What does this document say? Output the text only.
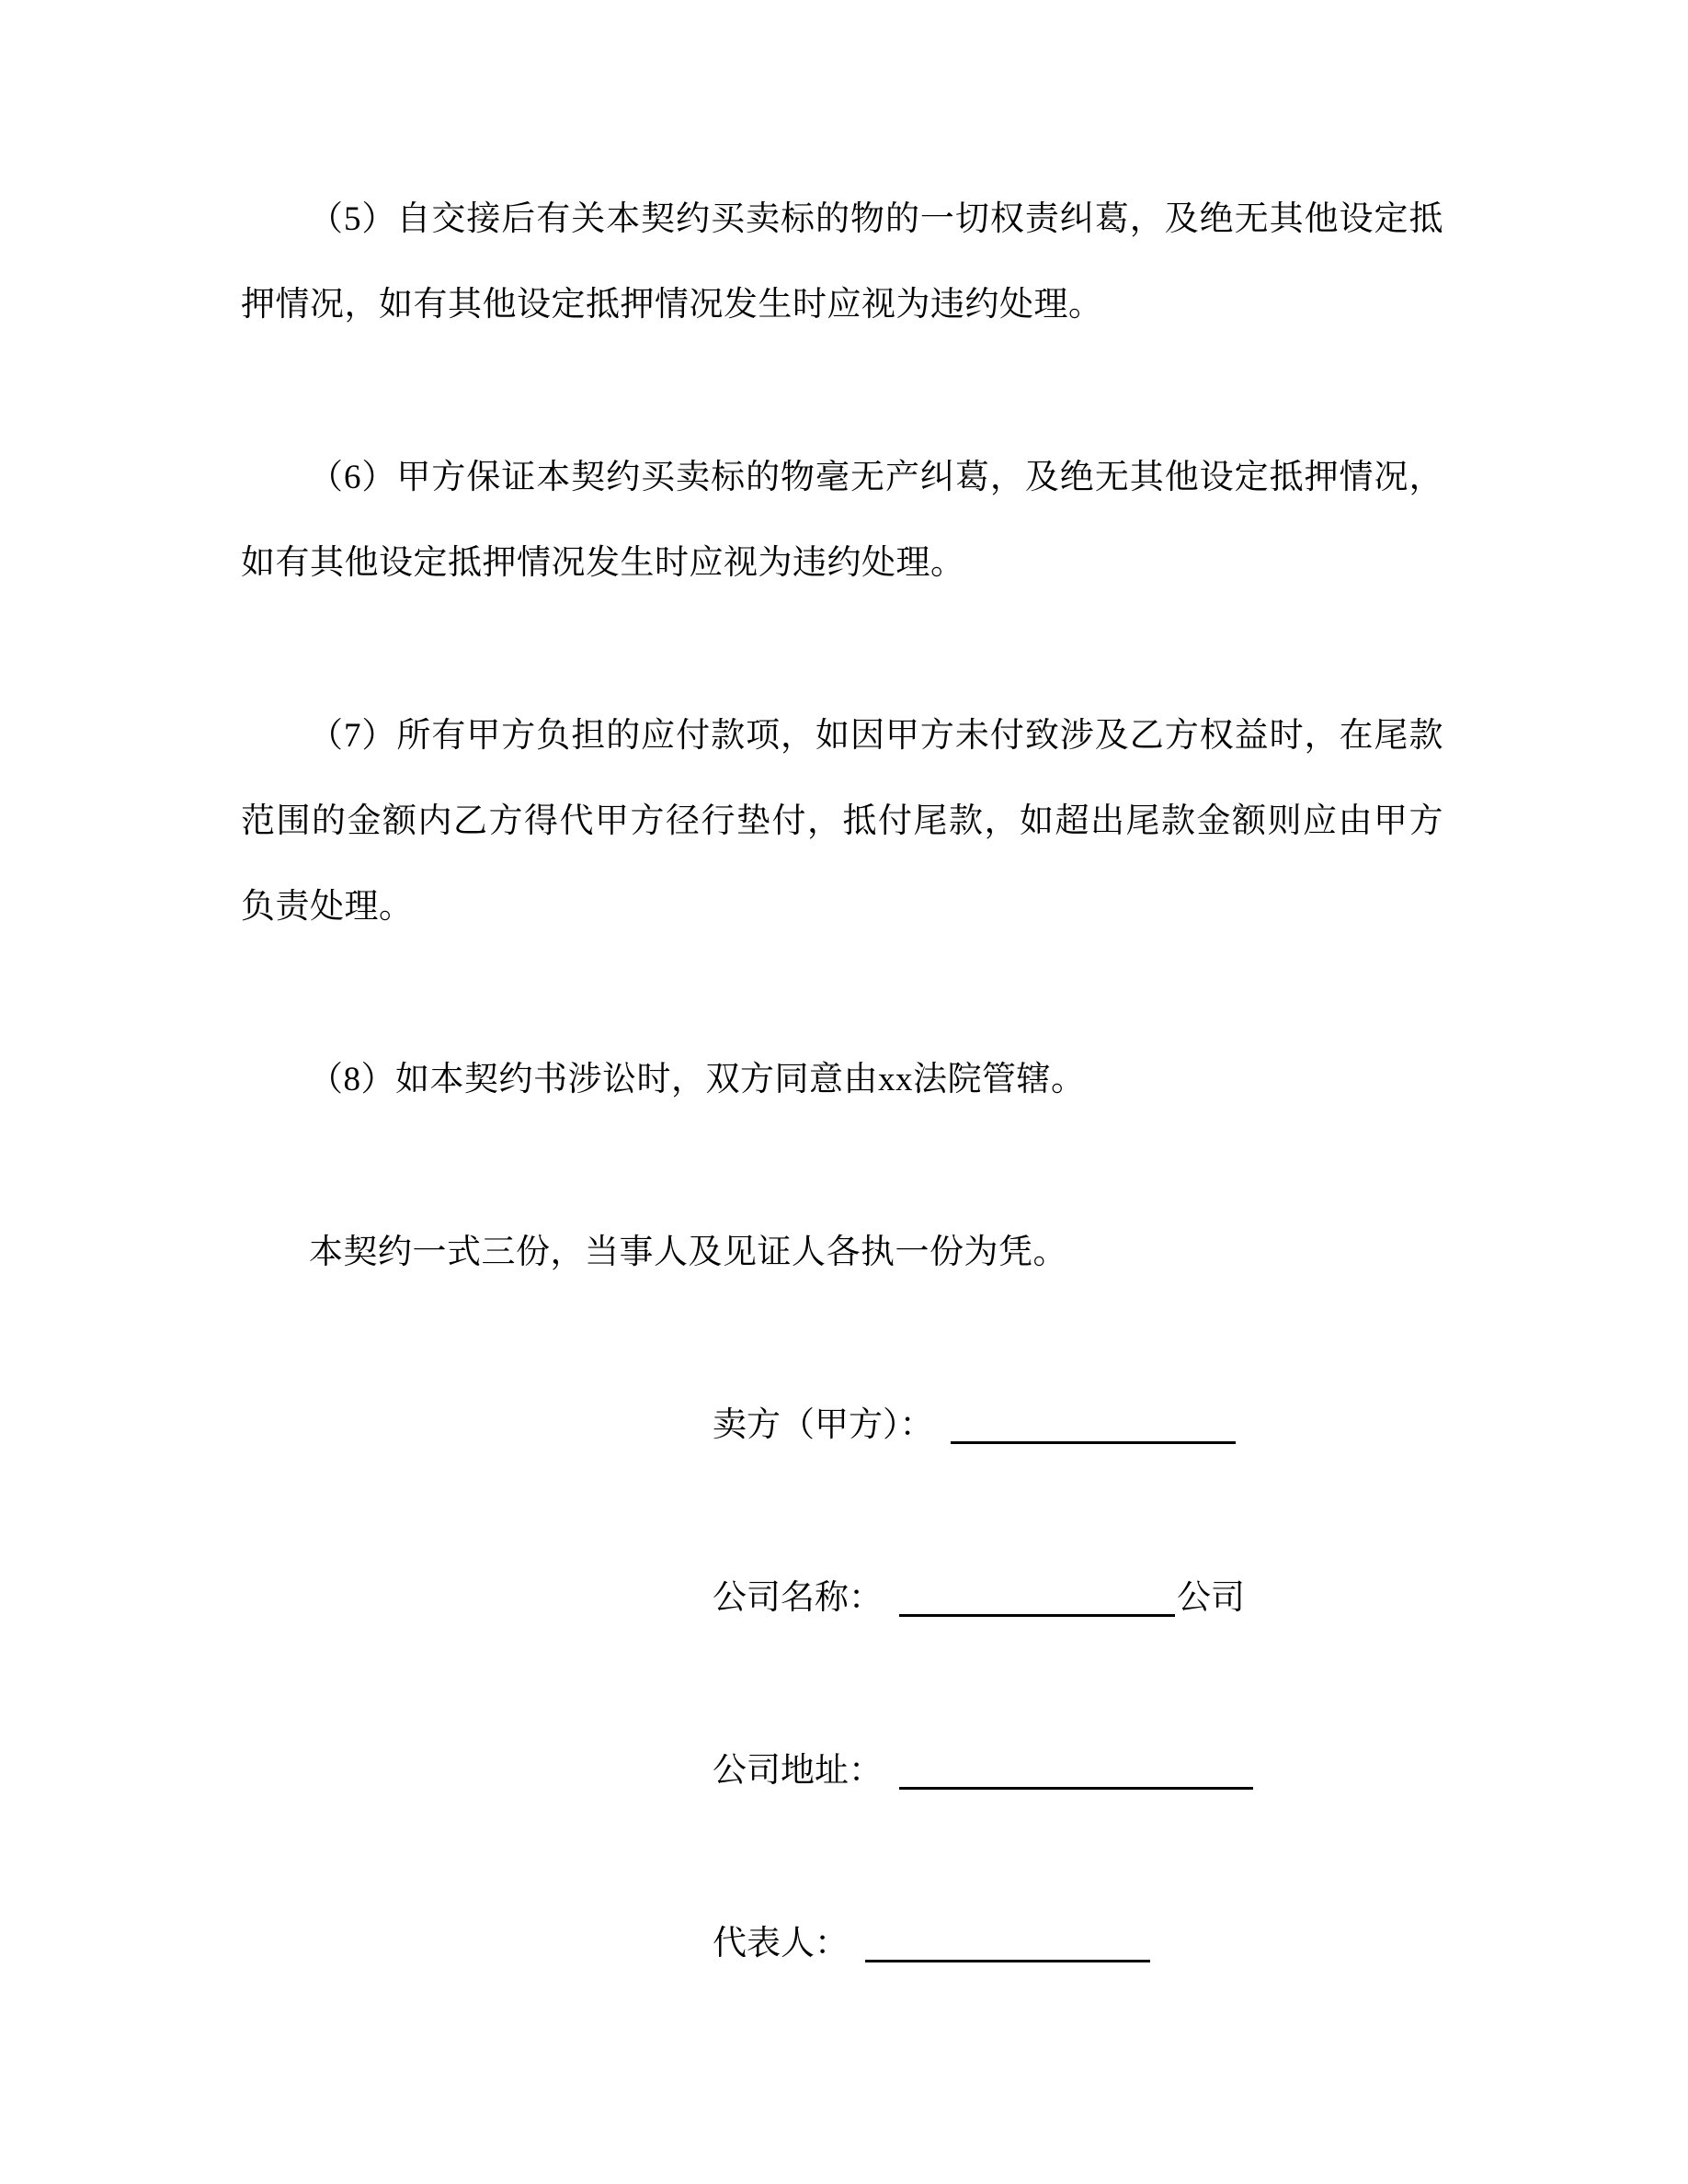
（5）自交接后有关本契约买卖标的物的一切权责纠葛，及绝无其他设定抵押情况，如有其他设定抵押情况发生时应视为违约处理。

（6）甲方保证本契约买卖标的物毫无产纠葛，及绝无其他设定抵押情况，如有其他设定抵押情况发生时应视为违约处理。

（7）所有甲方负担的应付款项，如因甲方未付致涉及乙方权益时，在尾款范围的金额内乙方得代甲方径行垫付，抵付尾款，如超出尾款金额则应由甲方负责处理。

（8）如本契约书涉讼时，双方同意由xx法院管辖。

本契约一式三份，当事人及见证人各执一份为凭。

卖方（甲方）：

公司名称：	公司

公司地址：

代表人：
